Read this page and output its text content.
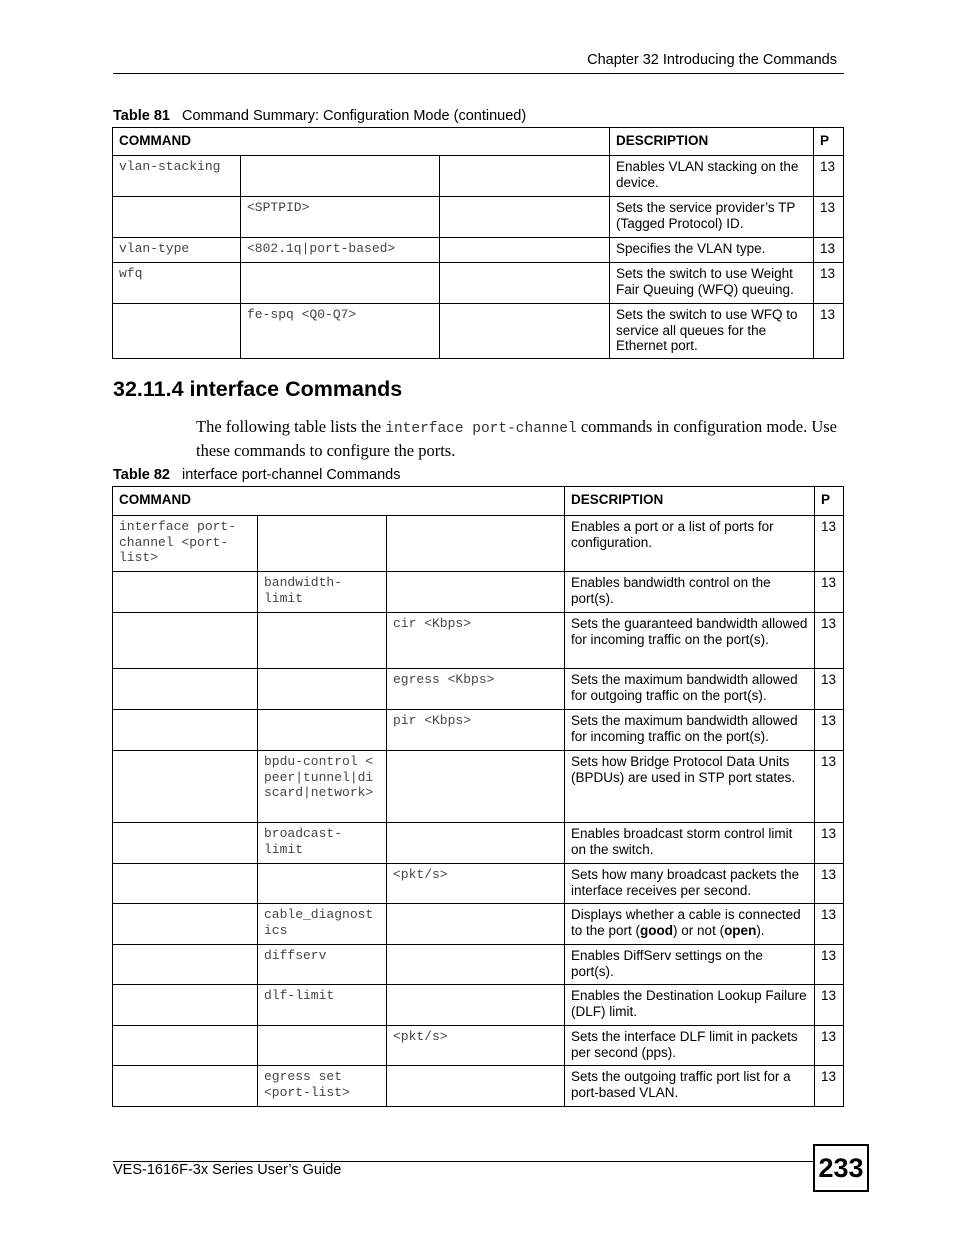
Chapter 32 Introducing the Commands
Table 81 Command Summary: Configuration Mode (continued)
COMMAND			DESCRIPTION	P
vlan-stacking			Enables VLAN stacking on the device.	13
	<SPTPID>		Sets the service provider’s TP (Tagged Protocol) ID.	13
vlan-type	<802.1q|port-based>		Specifies the VLAN type.	13
wfq			Sets the switch to use Weight Fair Queuing (WFQ) queuing.	13
	fe-spq <Q0-Q7>		Sets the switch to use WFQ to service all queues for the Ethernet port.	13
32.11.4 interface Commands
The following table lists the interface port-channel commands in configuration mode. Use these commands to configure the ports.
Table 82 interface port-channel Commands
COMMAND			DESCRIPTION	P
interface port-channel <port-list>			Enables a port or a list of ports for configuration.	13
	bandwidth-limit		Enables bandwidth control on the port(s).	13
		cir <Kbps>	Sets the guaranteed bandwidth allowed for incoming traffic on the port(s).	13
		egress <Kbps>	Sets the maximum bandwidth allowed for outgoing traffic on the port(s).	13
		pir <Kbps>	Sets the maximum bandwidth allowed for incoming traffic on the port(s).	13
	bpdu-control <peer|tunnel|discard|network>		Sets how Bridge Protocol Data Units (BPDUs) are used in STP port states.	13
	broadcast-limit		Enables broadcast storm control limit on the switch.	13
		<pkt/s>	Sets how many broadcast packets the interface receives per second.	13
	cable_diagnostics		Displays whether a cable is connected to the port (good) or not (open).	13
	diffserv		Enables DiffServ settings on the port(s).	13
	dlf-limit		Enables the Destination Lookup Failure (DLF) limit.	13
		<pkt/s>	Sets the interface DLF limit in packets per second (pps).	13
	egress set <port-list>		Sets the outgoing traffic port list for a port-based VLAN.	13
VES-1616F-3x Series User’s Guide	233
